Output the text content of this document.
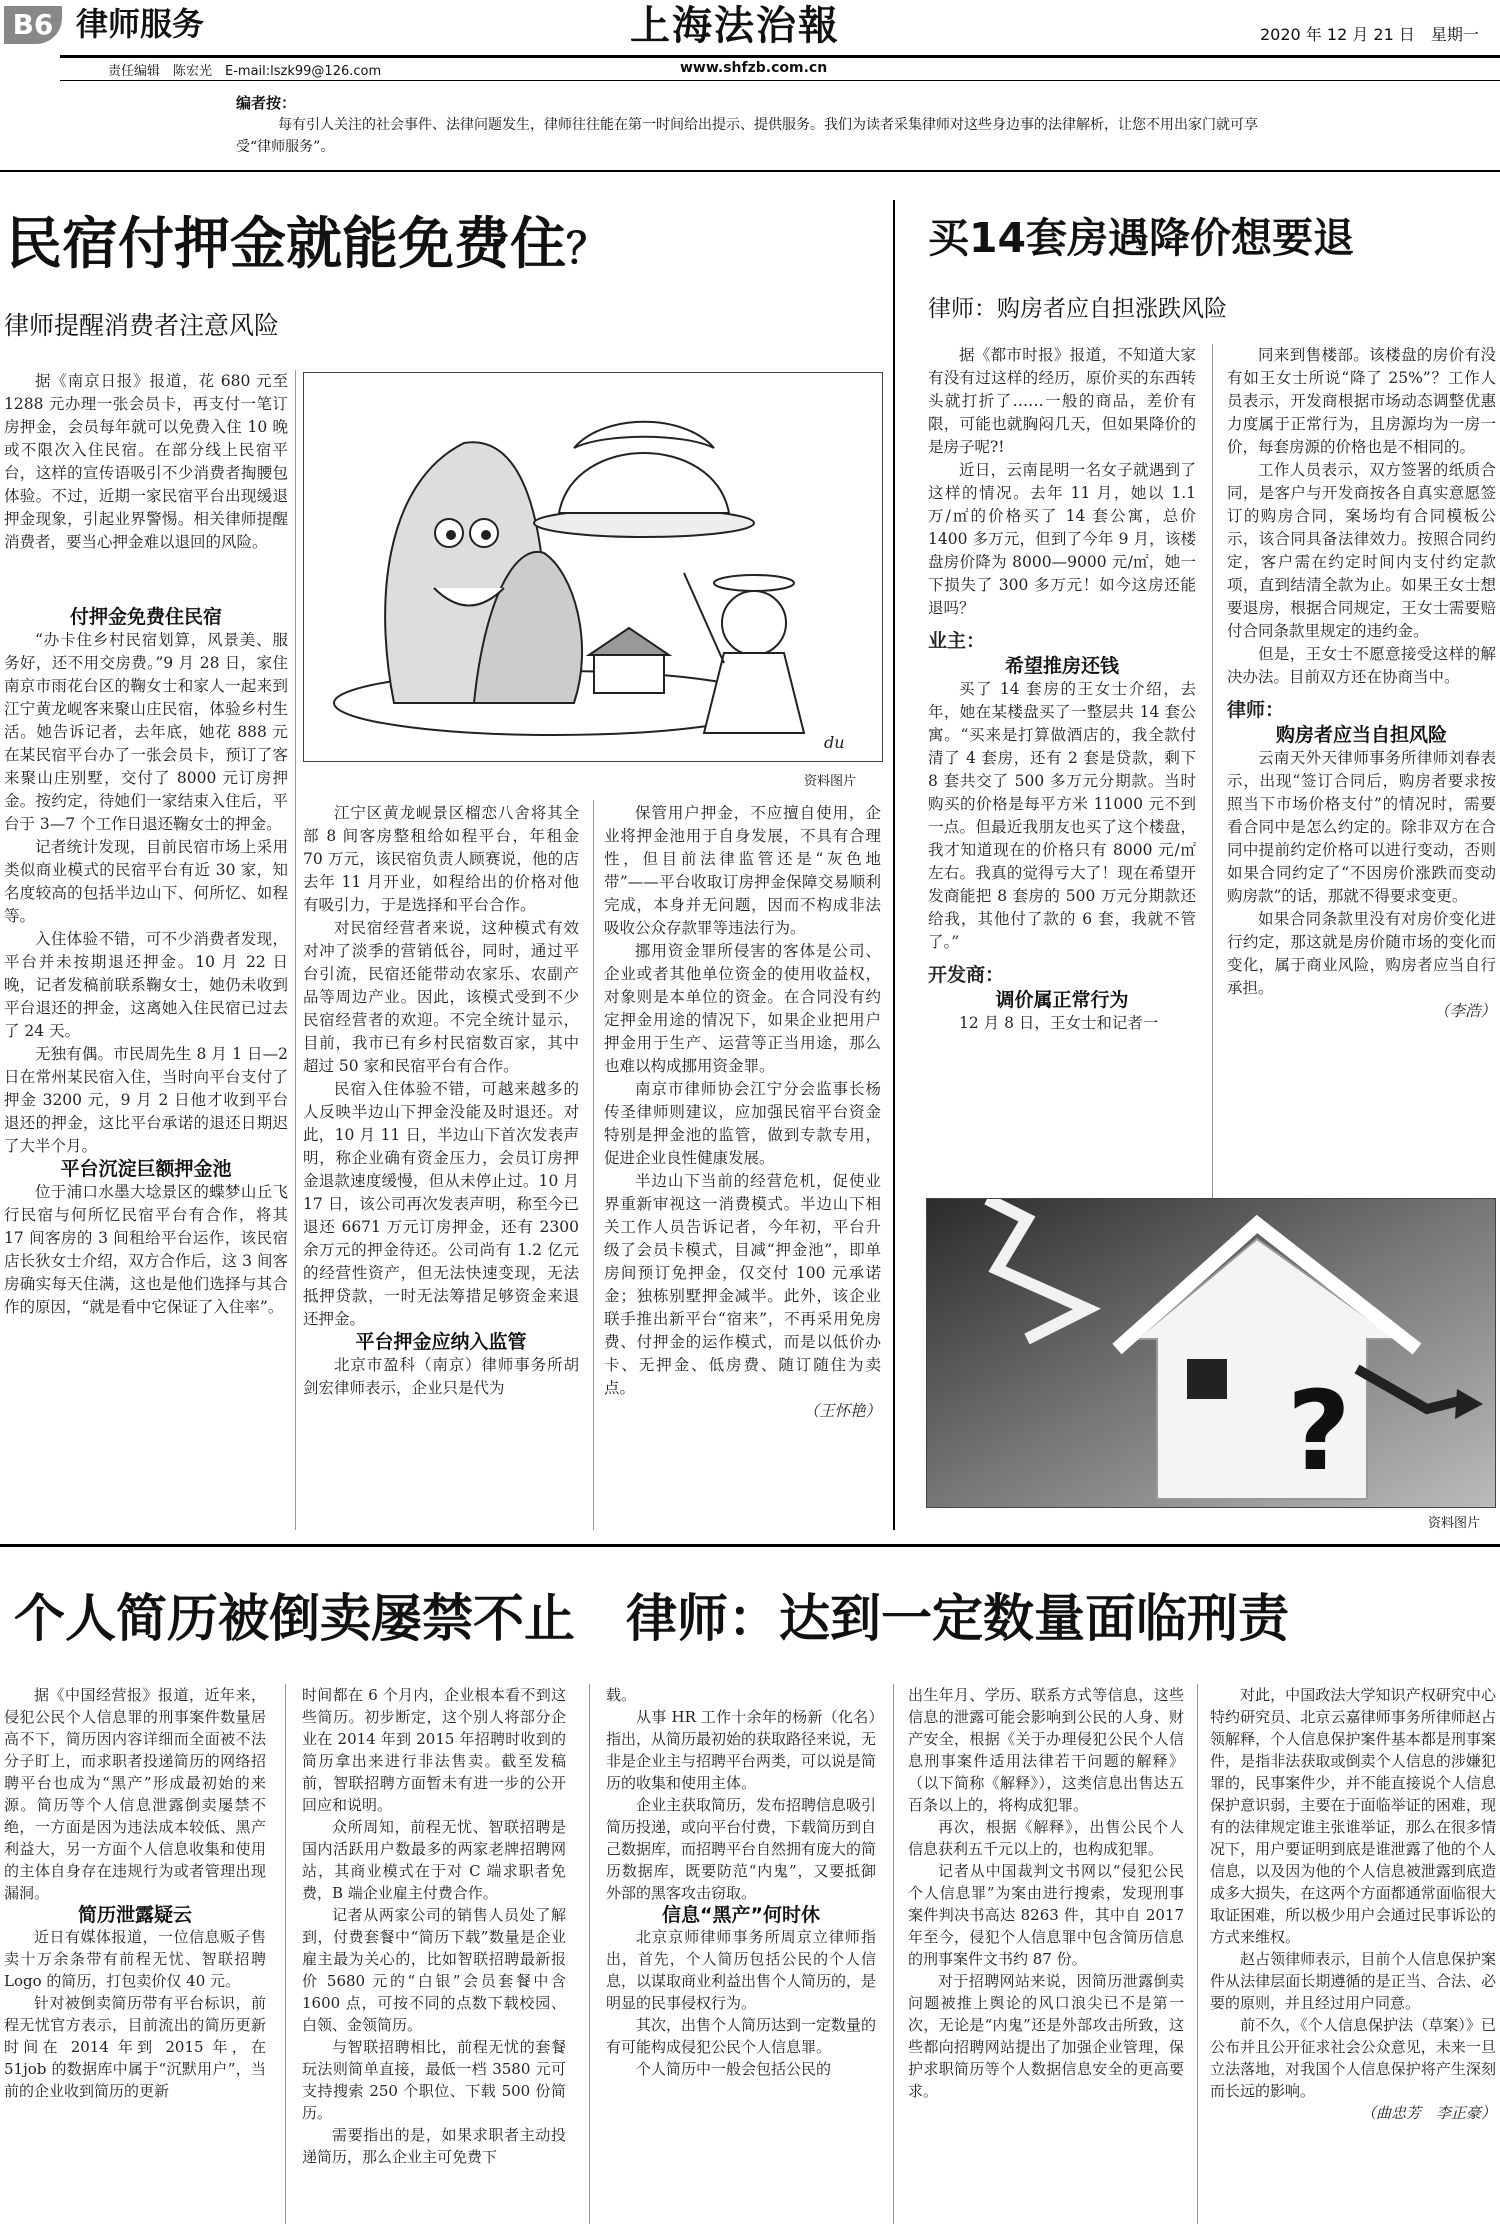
B6 律师服务
责任编辑　陈宏光　E-mail:lszk99@126.com
上海法治報
www.shfzb.com.cn
2020 年 12 月 21 日　星期一
编者按：
每有引人关注的社会事件、法律问题发生，律师往往能在第一时间给出提示、提供服务。我们为读者采集律师对这些身边事的法律解析，让您不用出家门就可享受“律师服务”。
民宿付押金就能免费住？
律师提醒消费者注意风险
du
资料图片

据《南京日报》报道，花 680 元至 1288 元办理一张会员卡，再支付一笔订房押金，会员每年就可以免费入住 10 晚或不限次入住民宿。在部分线上民宿平台，这样的宣传语吸引不少消费者掏腰包体验。不过，近期一家民宿平台出现缓退押金现象，引起业界警惕。相关律师提醒消费者，要当心押金难以退回的风险。

付押金免费住民宿

“办卡住乡村民宿划算，风景美、服务好，还不用交房费。”9 月 28 日，家住南京市雨花台区的鞠女士和家人一起来到江宁黄龙岘客来聚山庄民宿，体验乡村生活。她告诉记者，去年底，她花 888 元在某民宿平台办了一张会员卡，预订了客来聚山庄别墅，交付了 8000 元订房押金。按约定，待她们一家结束入住后，平台于 3—7 个工作日退还鞠女士的押金。

记者统计发现，目前民宿市场上采用类似商业模式的民宿平台有近 30 家，知名度较高的包括半边山下、何所忆、如程等。

入住体验不错，可不少消费者发现，平台并未按期退还押金。10 月 22 日晚，记者发稿前联系鞠女士，她仍未收到平台退还的押金，这离她入住民宿已过去了 24 天。

无独有偶。市民周先生 8 月 1 日—2 日在常州某民宿入住，当时向平台支付了押金 3200 元，9 月 2 日他才收到平台退还的押金，这比平台承诺的退还日期迟了大半个月。

平台沉淀巨额押金池

位于浦口水墨大埝景区的蝶梦山丘飞行民宿与何所忆民宿平台有合作，将其 17 间客房的 3 间租给平台运作，该民宿店长狄女士介绍，双方合作后，这 3 间客房确实每天住满，这也是他们选择与其合作的原因，“就是看中它保证了入住率”。

江宁区黄龙岘景区榴恋八舍将其全部 8 间客房整租给如程平台，年租金 70 万元，该民宿负责人顾赛说，他的店去年 11 月开业，如程给出的价格对他有吸引力，于是选择和平台合作。

对民宿经营者来说，这种模式有效对冲了淡季的营销低谷，同时，通过平台引流，民宿还能带动农家乐、农副产品等周边产业。因此，该模式受到不少民宿经营者的欢迎。不完全统计显示，目前，我市已有乡村民宿数百家，其中超过 50 家和民宿平台有合作。

民宿入住体验不错，可越来越多的人反映半边山下押金没能及时退还。对此，10 月 11 日，半边山下首次发表声明，称企业确有资金压力，会员订房押金退款速度缓慢，但从未停止过。10 月 17 日，该公司再次发表声明，称至今已退还 6671 万元订房押金，还有 2300 余万元的押金待还。公司尚有 1.2 亿元的经营性资产，但无法快速变现，无法抵押贷款，一时无法筹措足够资金来退还押金。

平台押金应纳入监管

北京市盈科（南京）律师事务所胡剑宏律师表示，企业只是代为

保管用户押金，不应擅自使用，企业将押金池用于自身发展，不具有合理性，但目前法律监管还是“灰色地带”——平台收取订房押金保障交易顺利完成，本身并无问题，因而不构成非法吸收公众存款罪等违法行为。

挪用资金罪所侵害的客体是公司、企业或者其他单位资金的使用收益权，对象则是本单位的资金。在合同没有约定押金用途的情况下，如果企业把用户押金用于生产、运营等正当用途，那么也难以构成挪用资金罪。

南京市律师协会江宁分会监事长杨传圣律师则建议，应加强民宿平台资金特别是押金池的监管，做到专款专用，促进企业良性健康发展。

半边山下当前的经营危机，促使业界重新审视这一消费模式。半边山下相关工作人员告诉记者，今年初，平台升级了会员卡模式，目减“押金池”，即单房间预订免押金，仅交付 100 元承诺金；独栋别墅押金减半。此外，该企业联手推出新平台“宿来”，不再采用免房费、付押金的运作模式，而是以低价办卡、无押金、低房费、随订随住为卖点。

（王怀艳）

买14套房遇降价想要退
律师：购房者应自担涨跌风险

据《都市时报》报道，不知道大家有没有过这样的经历，原价买的东西转头就打折了……一般的商品，差价有限，可能也就胸闷几天，但如果降价的是房子呢?!

近日，云南昆明一名女子就遇到了这样的情况。去年 11 月，她以 1.1 万/㎡的价格买了 14 套公寓，总价 1400 多万元，但到了今年 9 月，该楼盘房价降为 8000—9000 元/㎡，她一下损失了 300 多万元！如今这房还能退吗？

业主：

希望推房还钱

买了 14 套房的王女士介绍，去年，她在某楼盘买了一整层共 14 套公寓。“买来是打算做酒店的，我全款付清了 4 套房，还有 2 套是贷款，剩下 8 套共交了 500 多万元分期款。当时购买的价格是每平方米 11000 元不到一点。但最近我朋友也买了这个楼盘，我才知道现在的价格只有 8000 元/㎡左右。我真的觉得亏大了！现在希望开发商能把 8 套房的 500 万元分期款还给我，其他付了款的 6 套，我就不管了。”

开发商：

调价属正常行为

12 月 8 日，王女士和记者一

同来到售楼部。该楼盘的房价有没有如王女士所说“降了 25%”？工作人员表示，开发商根据市场动态调整优惠力度属于正常行为，且房源均为一房一价，每套房源的价格也是不相同的。

工作人员表示，双方签署的纸质合同，是客户与开发商按各自真实意愿签订的购房合同，案场均有合同模板公示，该合同具备法律效力。按照合同约定，客户需在约定时间内支付约定款项，直到结清全款为止。如果王女士想要退房，根据合同规定，王女士需要赔付合同条款里规定的违约金。

但是，王女士不愿意接受这样的解决办法。目前双方还在协商当中。

律师：

购房者应当自担风险

云南天外天律师事务所律师刘春表示，出现“签订合同后，购房者要求按照当下市场价格支付”的情况时，需要看合同中是怎么约定的。除非双方在合同中提前约定价格可以进行变动，否则如果合同约定了“不因房价涨跌而变动购房款”的话，那就不得要求变更。

如果合同条款里没有对房价变化进行约定，那这就是房价随市场的变化而变化，属于商业风险，购房者应当自行承担。

（李浩）

?
资料图片
个人简历被倒卖屡禁不止　律师：达到一定数量面临刑责

据《中国经营报》报道，近年来，侵犯公民个人信息罪的刑事案件数量居高不下，简历因内容详细而全面被不法分子盯上，而求职者投递简历的网络招聘平台也成为“黑产”形成最初始的来源。简历等个人信息泄露倒卖屡禁不绝，一方面是因为违法成本较低、黑产利益大，另一方面个人信息收集和使用的主体自身存在违规行为或者管理出现漏洞。

简历泄露疑云

近日有媒体报道，一位信息贩子售卖十万余条带有前程无忧、智联招聘 Logo 的简历，打包卖价仅 40 元。

针对被倒卖简历带有平台标识，前程无忧官方表示，目前流出的简历更新时间在 2014 年到 2015 年，在 51job 的数据库中属于“沉默用户”，当前的企业收到简历的更新

时间都在 6 个月内，企业根本看不到这些简历。初步断定，这个别人将部分企业在 2014 年到 2015 年招聘时收到的简历拿出来进行非法售卖。截至发稿前，智联招聘方面暂未有进一步的公开回应和说明。

众所周知，前程无忧、智联招聘是国内活跃用户数最多的两家老牌招聘网站，其商业模式在于对 C 端求职者免费，B 端企业雇主付费合作。

记者从两家公司的销售人员处了解到，付费套餐中“简历下载”数量是企业雇主最为关心的，比如智联招聘最新报价 5680 元的“白银”会员套餐中含 1600 点，可按不同的点数下载校园、白领、金领简历。

与智联招聘相比，前程无忧的套餐玩法则简单直接，最低一档 3580 元可支持搜索 250 个职位、下载 500 份简历。

需要指出的是，如果求职者主动投递简历，那么企业主可免费下

载。

从事 HR 工作十余年的杨新（化名）指出，从简历最初始的获取路径来说，无非是企业主与招聘平台两类，可以说是简历的收集和使用主体。

企业主获取简历，发布招聘信息吸引简历投递，或向平台付费，下载简历到自己数据库，而招聘平台自然拥有庞大的简历数据库，既要防范“内鬼”，又要抵御外部的黑客攻击窃取。

信息“黑产”何时休

北京京师律师事务所周京立律师指出，首先，个人简历包括公民的个人信息，以谋取商业利益出售个人简历的，是明显的民事侵权行为。

其次，出售个人简历达到一定数量的有可能构成侵犯公民个人信息罪。

个人简历中一般会包括公民的

出生年月、学历、联系方式等信息，这些信息的泄露可能会影响到公民的人身、财产安全，根据《关于办理侵犯公民个人信息刑事案件适用法律若干问题的解释》（以下简称《解释》），这类信息出售达五百条以上的，将构成犯罪。

再次，根据《解释》，出售公民个人信息获利五千元以上的，也构成犯罪。

记者从中国裁判文书网以“侵犯公民个人信息罪”为案由进行搜索，发现刑事案件判决书高达 8263 件，其中自 2017 年至今，侵犯个人信息罪中包含简历信息的刑事案件文书约 87 份。

对于招聘网站来说，因简历泄露倒卖问题被推上舆论的风口浪尖已不是第一次，无论是“内鬼”还是外部攻击所致，这些都向招聘网站提出了加强企业管理，保护求职简历等个人数据信息安全的更高要求。

对此，中国政法大学知识产权研究中心特约研究员、北京云嘉律师事务所律师赵占领解释，个人信息保护案件基本都是刑事案件，是指非法获取或倒卖个人信息的涉嫌犯罪的，民事案件少，并不能直接说个人信息保护意识弱，主要在于面临举证的困难，现有的法律规定谁主张谁举证，那么在很多情况下，用户要证明到底是谁泄露了他的个人信息，以及因为他的个人信息被泄露到底造成多大损失，在这两个方面都通常面临很大取证困难，所以极少用户会通过民事诉讼的方式来维权。

赵占领律师表示，目前个人信息保护案件从法律层面长期遵循的是正当、合法、必要的原则，并且经过用户同意。

前不久，《个人信息保护法（草案）》已公布并且公开征求社会公众意见，未来一旦立法落地，对我国个人信息保护将产生深刻而长远的影响。

（曲忠芳　李正豪）
